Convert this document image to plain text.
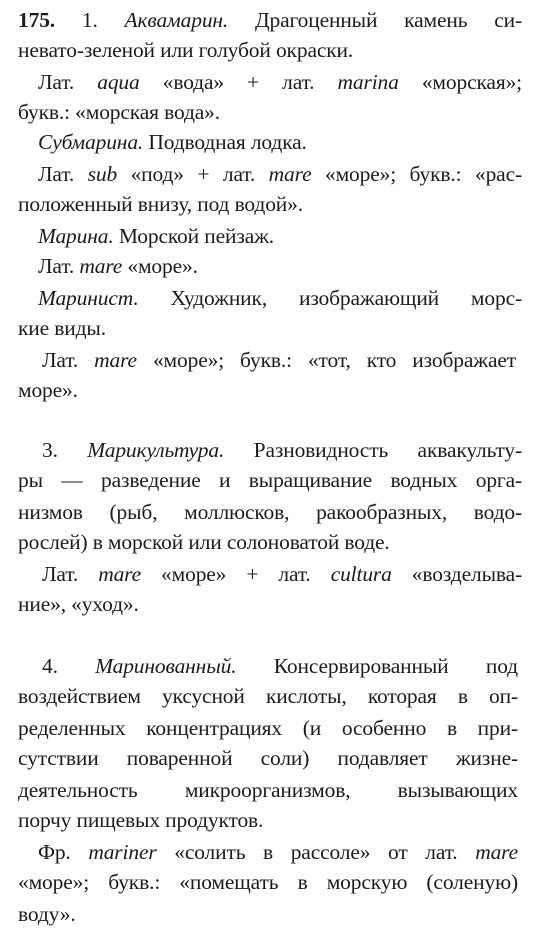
175. 1. Аквамарин. Драгоценный камень си-
невато-зеленой или голубой окраски.
Лат. aqua «вода» + лат. marina «морская»;
букв.: «морская вода».
Субмарина. Подводная лодка.
Лат. sub «под» + лат. mare «море»; букв.: «рас-
положенный внизу, под водой».
Марина. Морской пейзаж.
Лат. mare «море».
Маринист. Художник, изображающий морс-
кие виды.
Лат. mare «море»; букв.: «тот, кто изображает
море».
3. Марикультура. Разновидность аквакульту-
ры — разведение и выращивание водных орга-
низмов (рыб, моллюсков, ракообразных, водо-
рослей) в морской или солоноватой воде.
Лат. mare «море» + лат. cultura «возделыва-
ние», «уход».
4. Маринованный. Консервированный под
воздействием уксусной кислоты, которая в оп-
ределенных концентрациях (и особенно в при-
сутствии поваренной соли) подавляет жизне-
деятельность микроорганизмов, вызывающих
порчу пищевых продуктов.
Фр. mariner «солить в рассоле» от лат. mare
«море»; букв.: «помещать в морскую (соленую)
воду».
